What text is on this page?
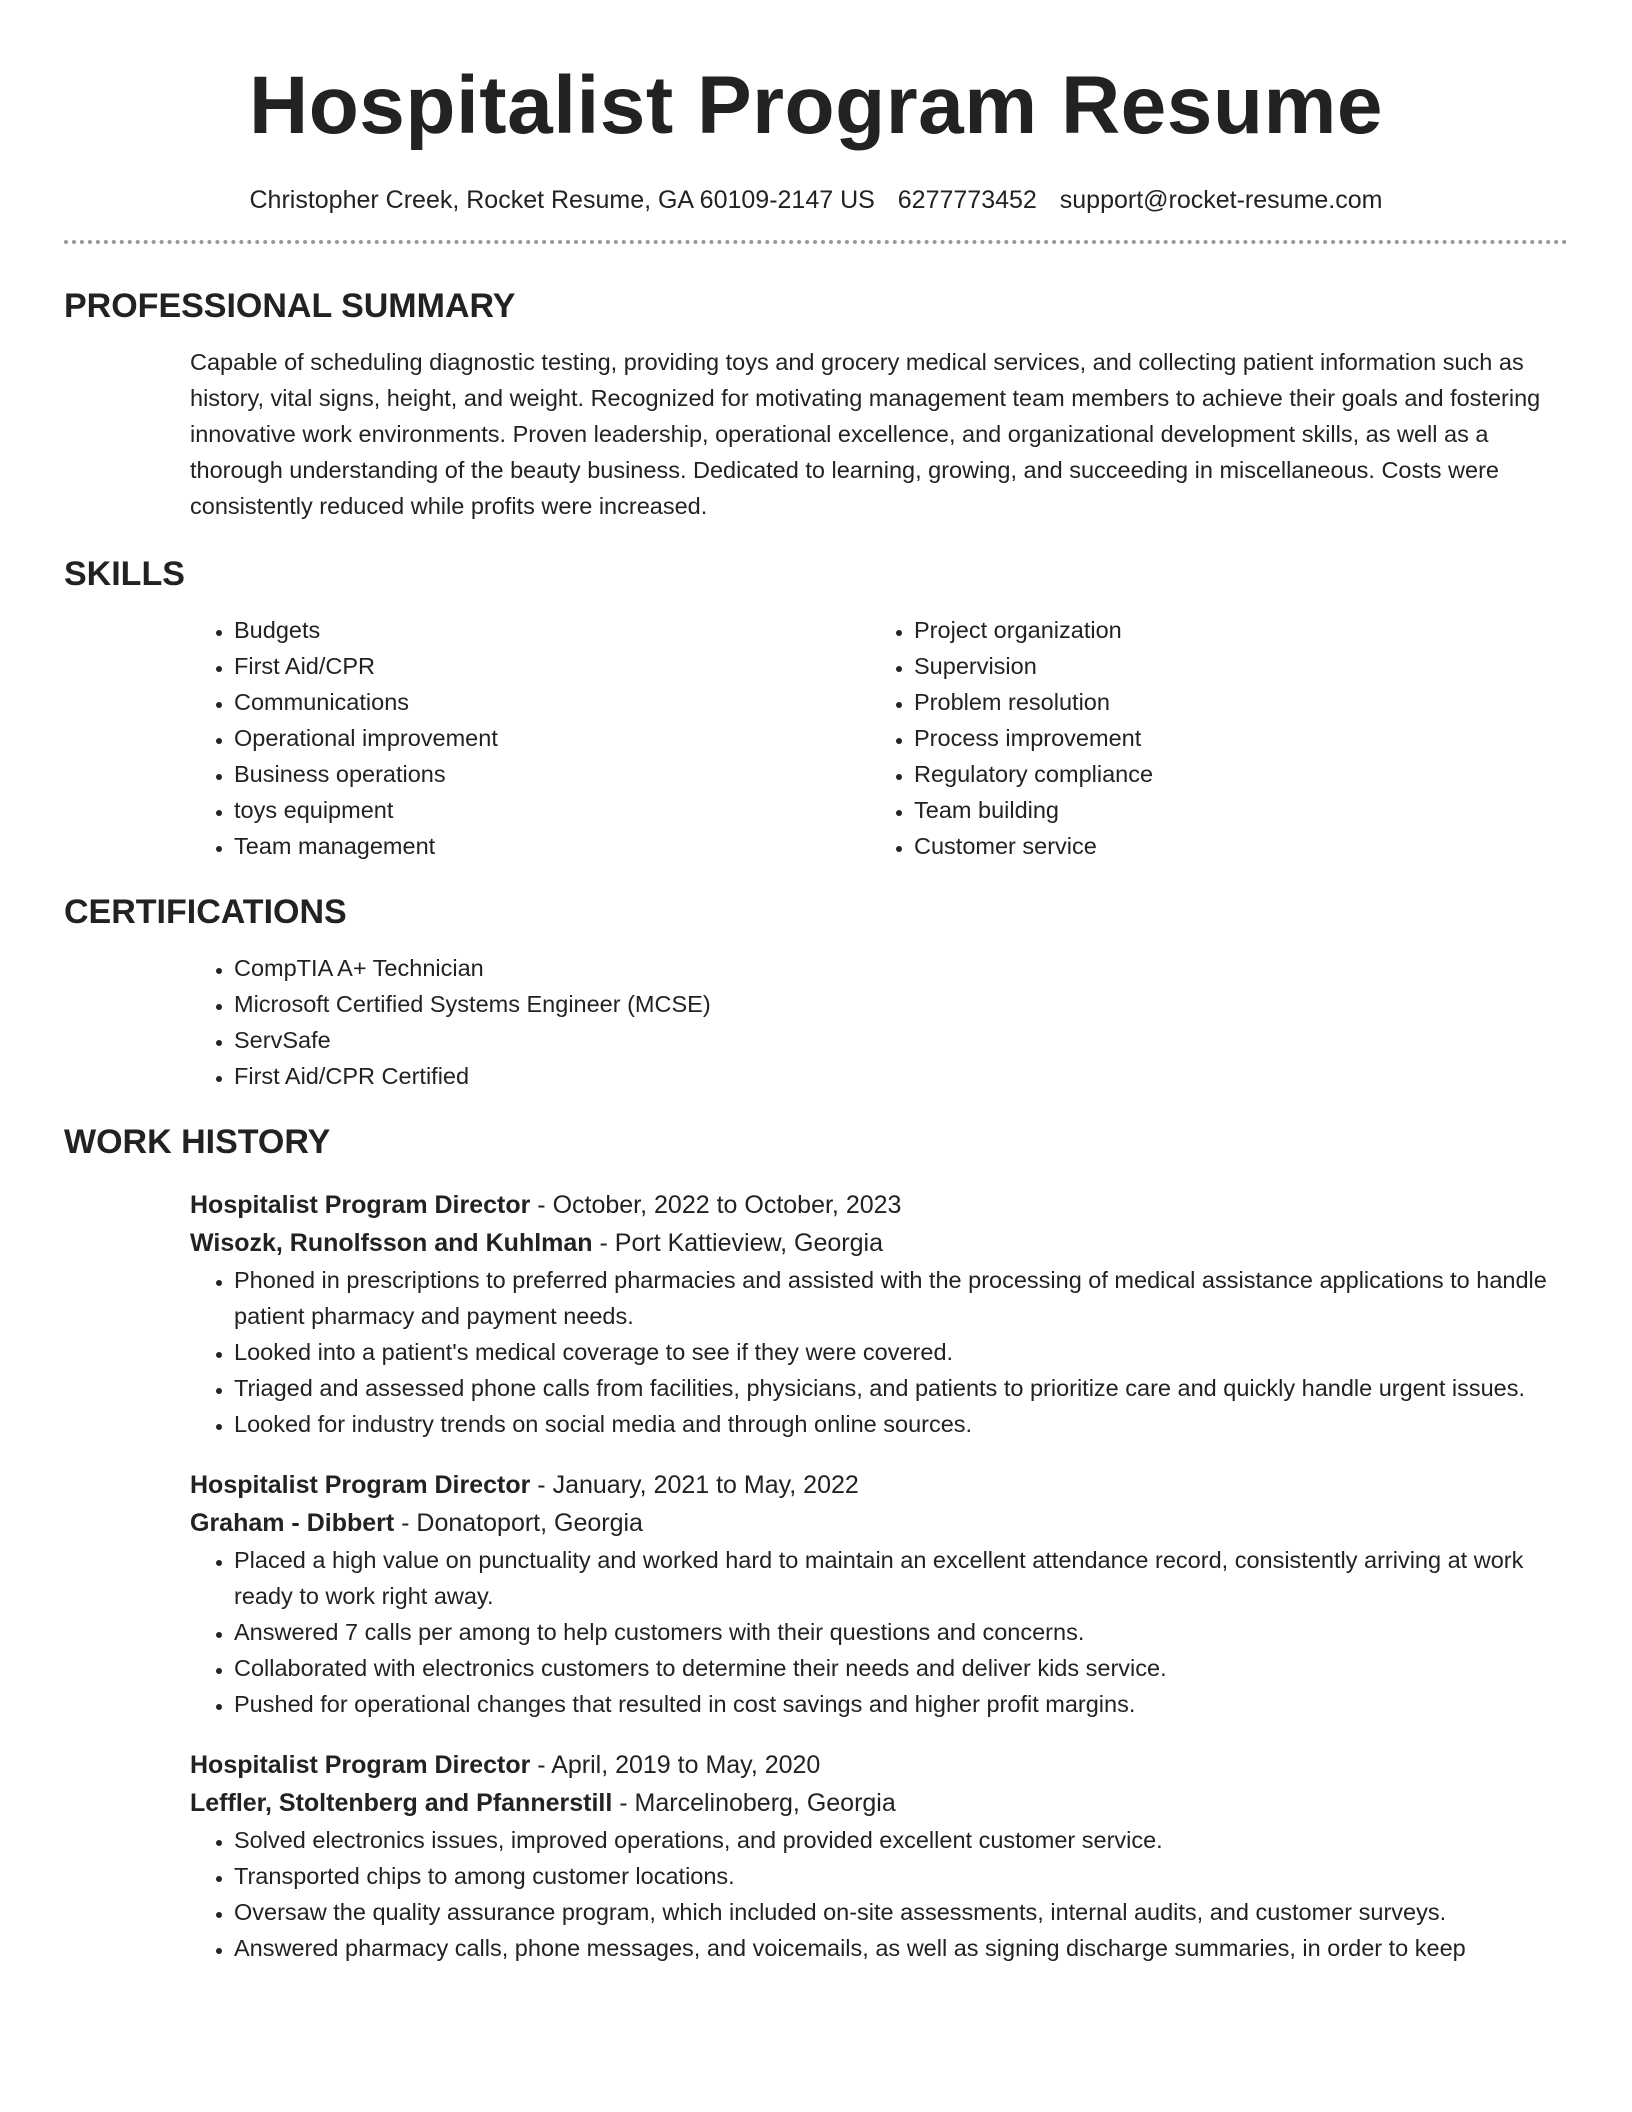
Hospitalist Program Resume
Christopher Creek, Rocket Resume, GA 60109-2147 US 6277773452 support@rocket-resume.com
PROFESSIONAL SUMMARY

Capable of scheduling diagnostic testing, providing toys and grocery medical services, and collecting patient information such as history, vital signs, height, and weight. Recognized for motivating management team members to achieve their goals and fostering innovative work environments. Proven leadership, operational excellence, and organizational development skills, as well as a thorough understanding of the beauty business. Dedicated to learning, growing, and succeeding in miscellaneous. Costs were consistently reduced while profits were increased.

SKILLS
• Budgets
• First Aid/CPR
• Communications
• Operational improvement
• Business operations
• toys equipment
• Team management
• Project organization
• Supervision
• Problem resolution
• Process improvement
• Regulatory compliance
• Team building
• Customer service
CERTIFICATIONS
• CompTIA A+ Technician
• Microsoft Certified Systems Engineer (MCSE)
• ServSafe
• First Aid/CPR Certified
WORK HISTORY
Hospitalist Program Director - October, 2022 to October, 2023
Wisozk, Runolfsson and Kuhlman - Port Kattieview, Georgia
• Phoned in prescriptions to preferred pharmacies and assisted with the processing of medical assistance applications to handle patient pharmacy and payment needs.
• Looked into a patient's medical coverage to see if they were covered.
• Triaged and assessed phone calls from facilities, physicians, and patients to prioritize care and quickly handle urgent issues.
• Looked for industry trends on social media and through online sources.
Hospitalist Program Director - January, 2021 to May, 2022
Graham - Dibbert - Donatoport, Georgia
• Placed a high value on punctuality and worked hard to maintain an excellent attendance record, consistently arriving at work ready to work right away.
• Answered 7 calls per among to help customers with their questions and concerns.
• Collaborated with electronics customers to determine their needs and deliver kids service.
• Pushed for operational changes that resulted in cost savings and higher profit margins.
Hospitalist Program Director - April, 2019 to May, 2020
Leffler, Stoltenberg and Pfannerstill - Marcelinoberg, Georgia
• Solved electronics issues, improved operations, and provided excellent customer service.
• Transported chips to among customer locations.
• Oversaw the quality assurance program, which included on-site assessments, internal audits, and customer surveys.
• Answered pharmacy calls, phone messages, and voicemails, as well as signing discharge summaries, in order to keep
